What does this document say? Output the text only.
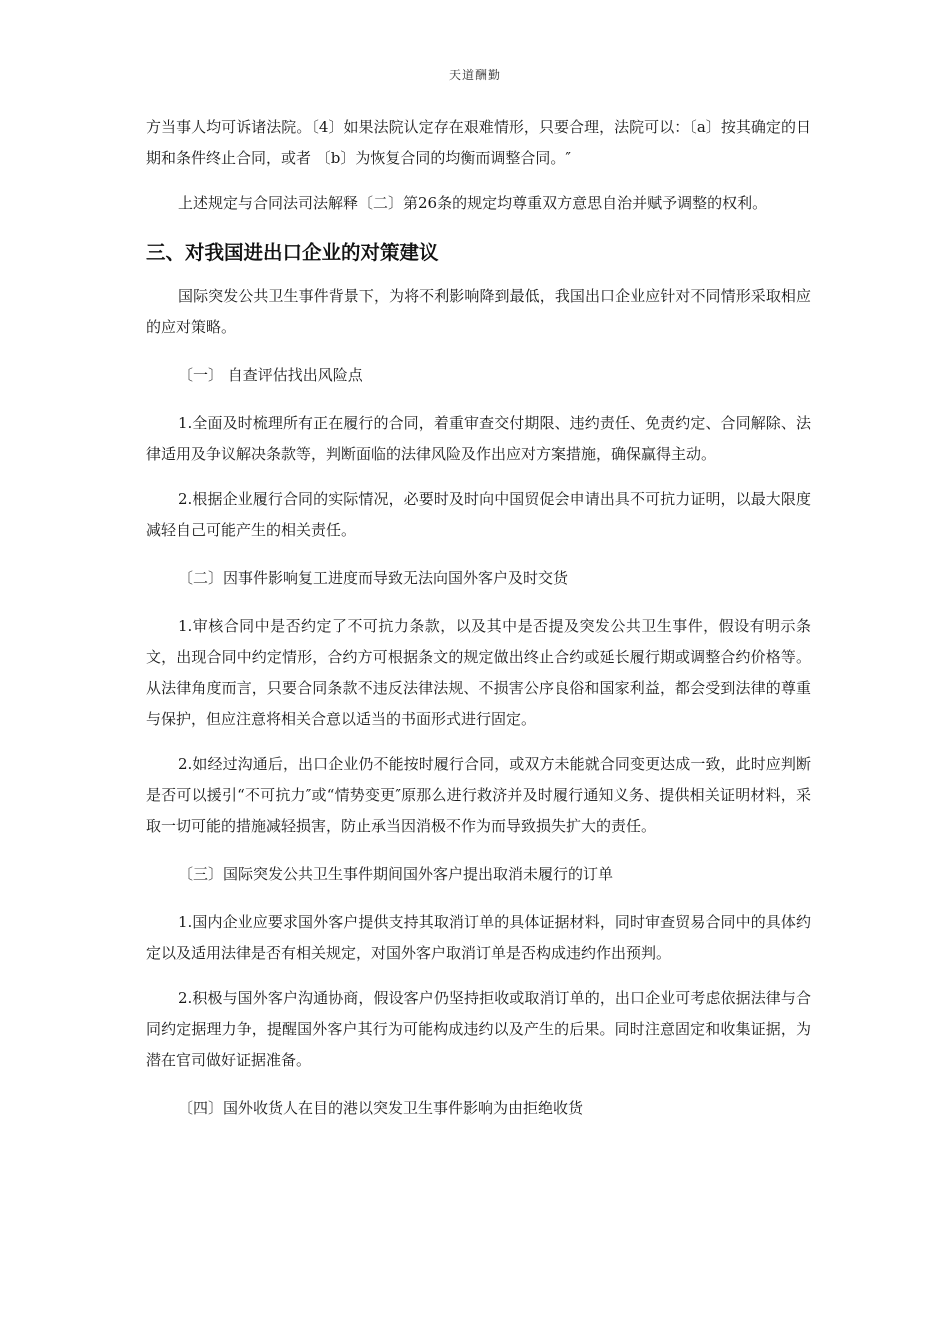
天道酬勤

方当事人均可诉诸法院。〔4〕如果法院认定存在艰难情形，只要合理，法院可以：〔a〕按其确定的日期和条件终止合同，或者 〔b〕为恢复合同的均衡而调整合同。″

上述规定与合同法司法解释〔二〕第26条的规定均尊重双方意思自治并赋予调整的权利。

三、对我国进出口企业的对策建议

国际突发公共卫生事件背景下，为将不利影响降到最低，我国出口企业应针对不同情形采取相应的应对策略。

〔一〕 自查评估找出风险点

1.全面及时梳理所有正在履行的合同，着重审查交付期限、违约责任、免责约定、合同解除、法律适用及争议解决条款等，判断面临的法律风险及作出应对方案措施，确保赢得主动。

2.根据企业履行合同的实际情况，必要时及时向中国贸促会申请出具不可抗力证明，以最大限度减轻自己可能产生的相关责任。

〔二〕因事件影响复工进度而导致无法向国外客户及时交货

1.审核合同中是否约定了不可抗力条款，以及其中是否提及突发公共卫生事件，假设有明示条文，出现合同中约定情形，合约方可根据条文的规定做出终止合约或延长履行期或调整合约价格等。从法律角度而言，只要合同条款不违反法律法规、不损害公序良俗和国家利益，都会受到法律的尊重与保护，但应注意将相关合意以适当的书面形式进行固定。

2.如经过沟通后，出口企业仍不能按时履行合同，或双方未能就合同变更达成一致，此时应判断是否可以援引“不可抗力″或“情势变更″原那么进行救济并及时履行通知义务、提供相关证明材料，采取一切可能的措施减轻损害，防止承当因消极不作为而导致损失扩大的责任。

〔三〕国际突发公共卫生事件期间国外客户提出取消未履行的订单

1.国内企业应要求国外客户提供支持其取消订单的具体证据材料，同时审查贸易合同中的具体约定以及适用法律是否有相关规定，对国外客户取消订单是否构成违约作出预判。

2.积极与国外客户沟通协商，假设客户仍坚持拒收或取消订单的，出口企业可考虑依据法律与合同约定据理力争，提醒国外客户其行为可能构成违约以及产生的后果。同时注意固定和收集证据，为潜在官司做好证据准备。

〔四〕国外收货人在目的港以突发卫生事件影响为由拒绝收货
